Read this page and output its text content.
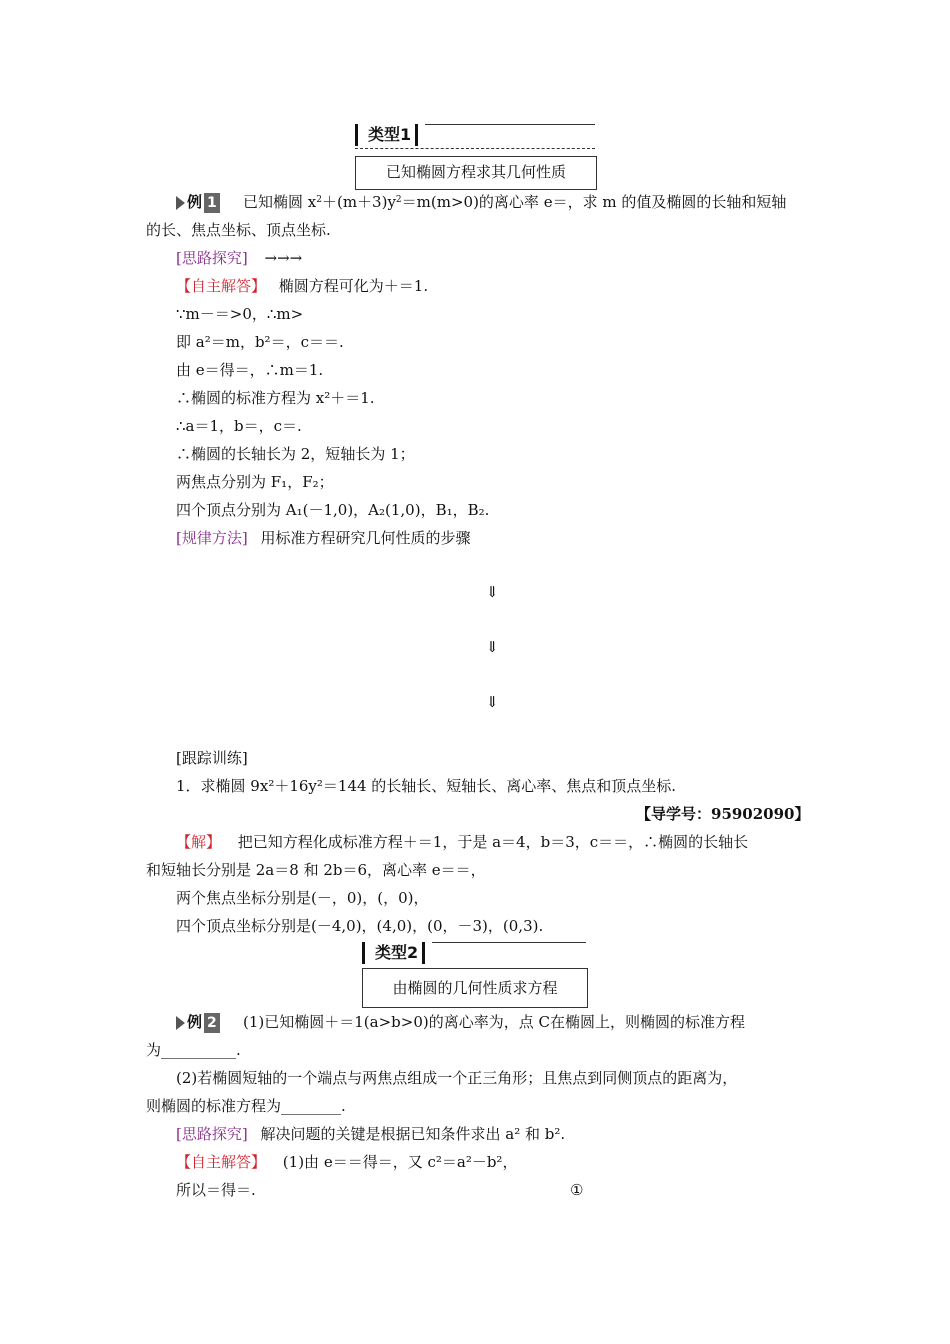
类型1
已知椭圆方程求其几何性质
例 1 已知椭圆 $x^2+(m+3)y^2=m(m>0)$的离心率 e＝，求 m 的值及椭圆的长轴和短轴
的长、焦点坐标、顶点坐标.
[思路探究] →→→
【自主解答】 椭圆方程可化为＋＝1.
∵m－＝>0，∴m>
即 a²＝m，b²＝，c＝＝.
由 e＝得＝，∴m＝1.
∴椭圆的标准方程为 x²＋＝1.
∴a＝1，b＝，c＝.
∴椭圆的长轴长为 2，短轴长为 1；
两焦点分别为 F₁，F₂；
四个顶点分别为 A₁(－1,0)，A₂(1,0)，B₁，B₂.
[规律方法] 用标准方程研究几何性质的步骤
⇓
⇓
⇓
[跟踪训练]
1．求椭圆 9x²＋16y²＝144 的长轴长、短轴长、离心率、焦点和顶点坐标.
【导学号：95902090】
【解】 把已知方程化成标准方程＋＝1，于是 a＝4，b＝3，c＝＝，∴椭圆的长轴长
和短轴长分别是 2a＝8 和 2b＝6，离心率 e＝＝，
两个焦点坐标分别是(－，0)，(，0)，
四个顶点坐标分别是(－4,0)，(4,0)，(0，－3)，(0,3).
类型2
由椭圆的几何性质求方程
例 2 (1)已知椭圆＋＝1(a>b>0)的离心率为，点 C在椭圆上，则椭圆的标准方程
为__________.
(2)若椭圆短轴的一个端点与两焦点组成一个正三角形；且焦点到同侧顶点的距离为，
则椭圆的标准方程为________.
[思路探究] 解决问题的关键是根据已知条件求出 a² 和 b².
【自主解答】 (1)由 e＝＝得＝，又 c²＝a²－b²，
所以＝得＝.	①
